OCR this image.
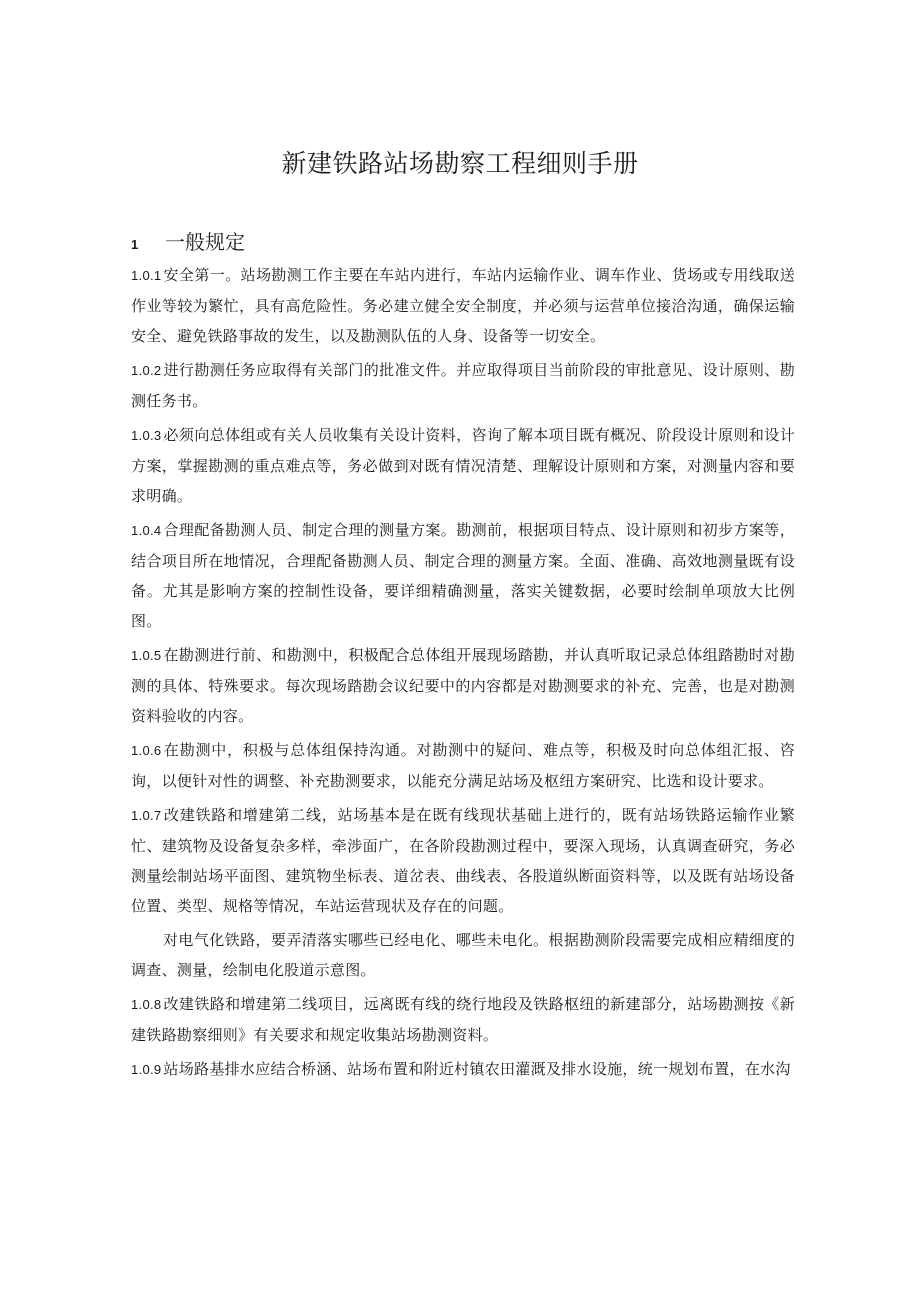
新建铁路站场勘察工程细则手册
1	一般规定

1.0.1 安全第一。站场勘测工作主要在车站内进行，车站内运输作业、调车作业、货场或专用线取送作业等较为繁忙，具有高危险性。务必建立健全安全制度，并必须与运营单位接洽沟通，确保运输安全、避免铁路事故的发生，以及勘测队伍的人身、设备等一切安全。

1.0.2 进行勘测任务应取得有关部门的批准文件。并应取得项目当前阶段的审批意见、设计原则、勘测任务书。

1.0.3 必须向总体组或有关人员收集有关设计资料，咨询了解本项目既有概况、阶段设计原则和设计方案，掌握勘测的重点难点等，务必做到对既有情况清楚、理解设计原则和方案，对测量内容和要求明确。

1.0.4 合理配备勘测人员、制定合理的测量方案。勘测前，根据项目特点、设计原则和初步方案等，结合项目所在地情况，合理配备勘测人员、制定合理的测量方案。全面、准确、高效地测量既有设备。尤其是影响方案的控制性设备，要详细精确测量，落实关键数据，必要时绘制单项放大比例图。

1.0.5 在勘测进行前、和勘测中，积极配合总体组开展现场踏勘，并认真听取记录总体组踏勘时对勘测的具体、特殊要求。每次现场踏勘会议纪要中的内容都是对勘测要求的补充、完善，也是对勘测资料验收的内容。

1.0.6 在勘测中，积极与总体组保持沟通。对勘测中的疑问、难点等，积极及时向总体组汇报、咨询，以便针对性的调整、补充勘测要求，以能充分满足站场及枢纽方案研究、比选和设计要求。

1.0.7 改建铁路和增建第二线，站场基本是在既有线现状基础上进行的，既有站场铁路运输作业繁忙、建筑物及设备复杂多样，牵涉面广，在各阶段勘测过程中，要深入现场，认真调查研究，务必测量绘制站场平面图、建筑物坐标表、道岔表、曲线表、各股道纵断面资料等，以及既有站场设备位置、类型、规格等情况，车站运营现状及存在的问题。

对电气化铁路，要弄清落实哪些已经电化、哪些未电化。根据勘测阶段需要完成相应精细度的调查、测量，绘制电化股道示意图。

1.0.8 改建铁路和增建第二线项目，远离既有线的绕行地段及铁路枢纽的新建部分，站场勘测按《新建铁路勘察细则》有关要求和规定收集站场勘测资料。

1.0.9 站场路基排水应结合桥涵、站场布置和附近村镇农田灌溉及排水设施，统一规划布置，在水沟
